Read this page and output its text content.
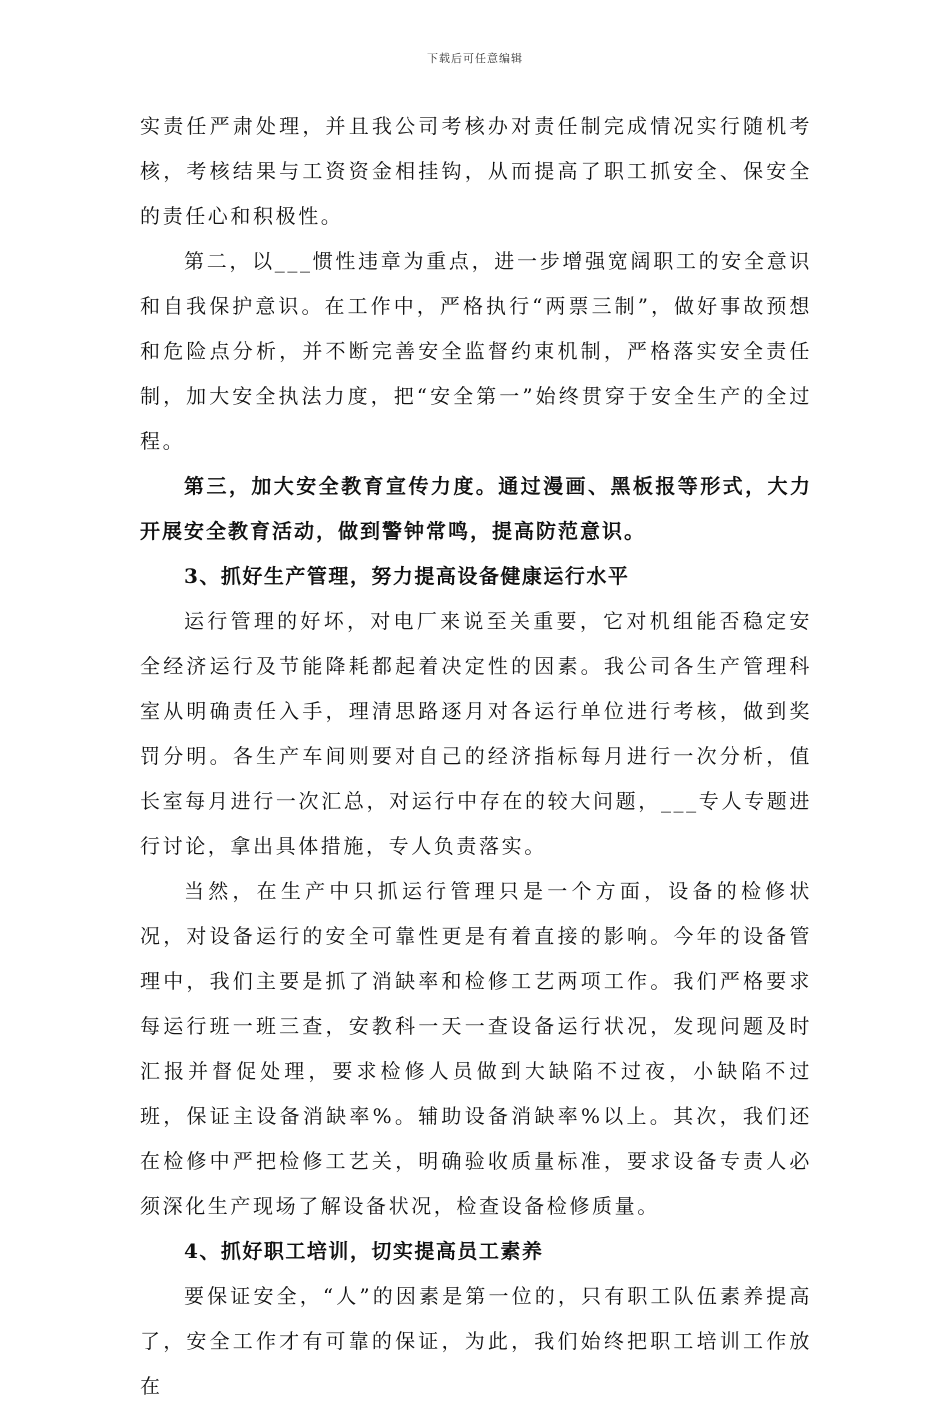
下载后可任意编辑

实责任严肃处理，并且我公司考核办对责任制完成情况实行随机考核，考核结果与工资资金相挂钩，从而提高了职工抓安全、保安全的责任心和积极性。

第二，以___惯性违章为重点，进一步增强宽阔职工的安全意识和自我保护意识。在工作中，严格执行“两票三制”，做好事故预想和危险点分析，并不断完善安全监督约束机制，严格落实安全责任制，加大安全执法力度，把“安全第一”始终贯穿于安全生产的全过程。

第三，加大安全教育宣传力度。通过漫画、黑板报等形式，大力开展安全教育活动，做到警钟常鸣，提高防范意识。

3、抓好生产管理，努力提高设备健康运行水平

运行管理的好坏，对电厂来说至关重要，它对机组能否稳定安全经济运行及节能降耗都起着决定性的因素。我公司各生产管理科室从明确责任入手，理清思路逐月对各运行单位进行考核，做到奖罚分明。各生产车间则要对自己的经济指标每月进行一次分析，值长室每月进行一次汇总，对运行中存在的较大问题，___专人专题进行讨论，拿出具体措施，专人负责落实。

当然，在生产中只抓运行管理只是一个方面，设备的检修状况，对设备运行的安全可靠性更是有着直接的影响。今年的设备管理中，我们主要是抓了消缺率和检修工艺两项工作。我们严格要求每运行班一班三查，安教科一天一查设备运行状况，发现问题及时汇报并督促处理，要求检修人员做到大缺陷不过夜，小缺陷不过班，保证主设备消缺率%。辅助设备消缺率%以上。其次，我们还在检修中严把检修工艺关，明确验收质量标准，要求设备专责人必须深化生产现场了解设备状况，检查设备检修质量。

4、抓好职工培训，切实提高员工素养

要保证安全，“人”的因素是第一位的，只有职工队伍素养提高了，安全工作才有可靠的保证，为此，我们始终把职工培训工作放在
